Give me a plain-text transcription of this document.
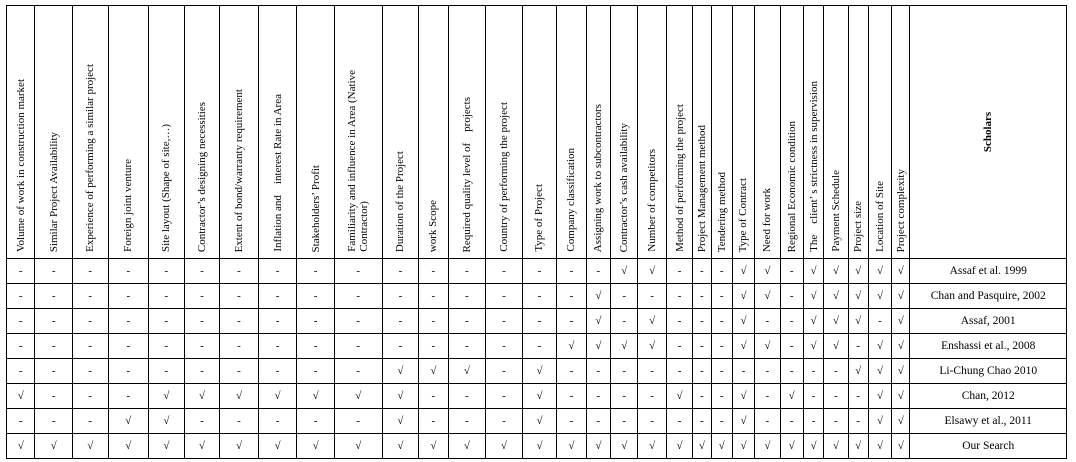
Volume of work in construction market	Similar Project Availability	Experience of performing a similar project	Foreign joint venture	Site layout (Shape of site,…)	Contractor’s designing necessities	Extent of bond/warranty requirement	Inflation and    interest Rate in Area	Stakeholders’ Profit	Familiarity and influence in Area (Native
Contractor)	Duration of the Project	work Scope	Required quality level of    projects	Country of performing the project	Type of Project	Company classification	Assigning work to subcontractors	Contractor’s cash availability	Number of competitors	Method of performing the project	Project Management method	Tendering method	Type of Contract	Need for work	Regional Economic condition	The    client’ s strictness in supervision	Payment Schedule	Project size	Location of Site	Project complexity	Scholars

-	-	-	-	-	-	-	-	-	-	-	-	-	-	-	-	-	√	√	-	-	-	√	√	-	√	√	√	√	√	Assaf et al. 1999
-	-	-	-	-	-	-	-	-	-	-	-	-	-	-	-	√	-	-	-	-	-	√	√	-	√	√	√	√	√	Chan and Pasquire, 2002
-	-	-	-	-	-	-	-	-	-	-	-	-	-	-	-	√	-	√	-	-	-	√	-	-	√	√	√	-	√	Assaf, 2001
-	-	-	-	-	-	-	-	-	-	-	-	-	-	-	√	√	√	√	-	-	-	√	√	-	√	√	-	√	√	Enshassi et al., 2008
-	-	-	-	-	-	-	-	-	-	√	√	√	-	√	-	-	-	-	-	-	-	-	-	-	-	-	√	√	√	Li-Chung Chao 2010
√	-	-	-	√	√	√	√	√	√	√	-	-	-	√	-	-	-	-	√	-	-	√	-	√	-	-	-	√	√	Chan, 2012
-	-	-	√	√	-	-	-	-	-	√	-	-	-	√	-	-	-	-	-	-	-	√	-	-	-	-	-	√	√	Elsawy et al., 2011
√	√	√	√	√	√	√	√	√	√	√	√	√	√	√	√	√	√	√	√	√	√	√	√	√	√	√	√	√	√	Our Search
